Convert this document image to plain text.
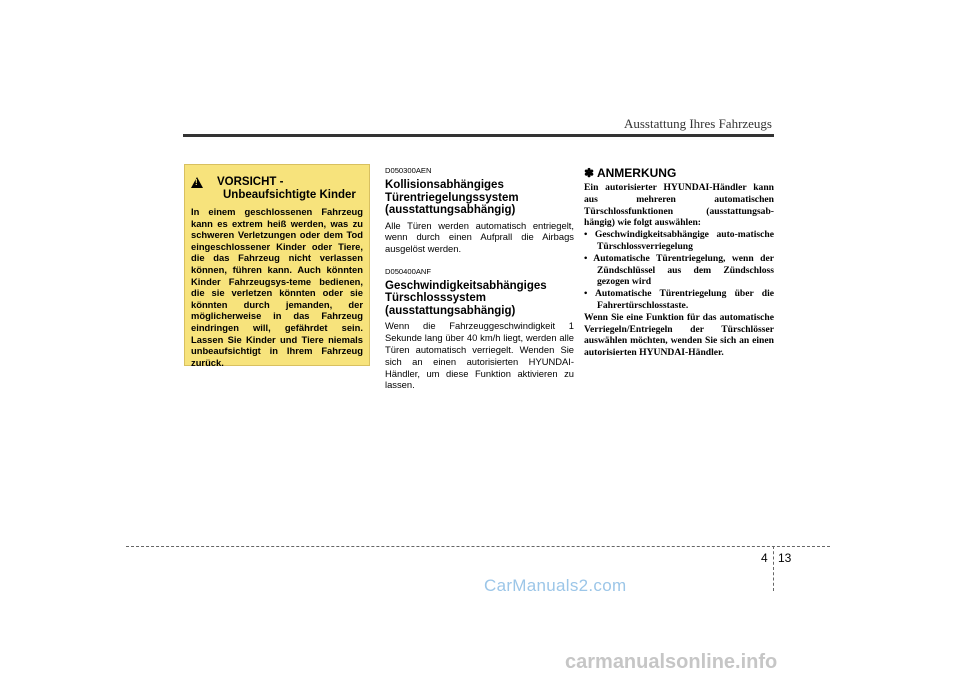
Ausstattung Ihres Fahrzeugs
!
VORSICHT -
Unbeaufsichtigte Kinder
In einem geschlossenen Fahrzeug kann es extrem heiß werden, was zu schweren Verletzungen oder dem Tod eingeschlossener Kinder oder Tiere, die das Fahrzeug nicht verlassen können, führen kann. Auch könnten Kinder Fahrzeugsys-teme bedienen, die sie verletzen könnten oder sie könnten durch jemanden, der möglicherweise in das Fahrzeug eindringen will, gefährdet sein. Lassen Sie Kinder und Tiere niemals unbeaufsichtigt in Ihrem Fahrzeug zurück.
D050300AEN
Kollisionsabhängiges Türentriegelungssystem (ausstattungsabhängig)
Alle Türen werden automatisch entriegelt, wenn durch einen Aufprall die Airbags ausgelöst werden.
D050400ANF
Geschwindigkeitsabhängiges Türschlosssystem (ausstattungsabhängig)
Wenn die Fahrzeuggeschwindigkeit 1 Sekunde lang über 40 km/h liegt, werden alle Türen automatisch verriegelt. Wenden Sie sich an einen autorisierten HYUNDAI-Händler, um diese Funktion aktivieren zu lassen.
✽ ANMERKUNG
Ein autorisierter HYUNDAI-Händler kann aus mehreren automatischen Türschlossfunktionen (ausstattungsab-hängig) wie folgt auswählen:
• Geschwindigkeitsabhängige auto-matische Türschlossverriegelung
• Automatische Türentriegelung, wenn der Zündschlüssel aus dem Zündschloss gezogen wird
• Automatische Türentriegelung über die Fahrertürschlosstaste.
Wenn Sie eine Funktion für das automatische Verriegeln/Entriegeln der Türschlösser auswählen möchten, wenden Sie sich an einen autorisierten HYUNDAI-Händler.
4 13
CarManuals2.com
carmanualsonline.info
